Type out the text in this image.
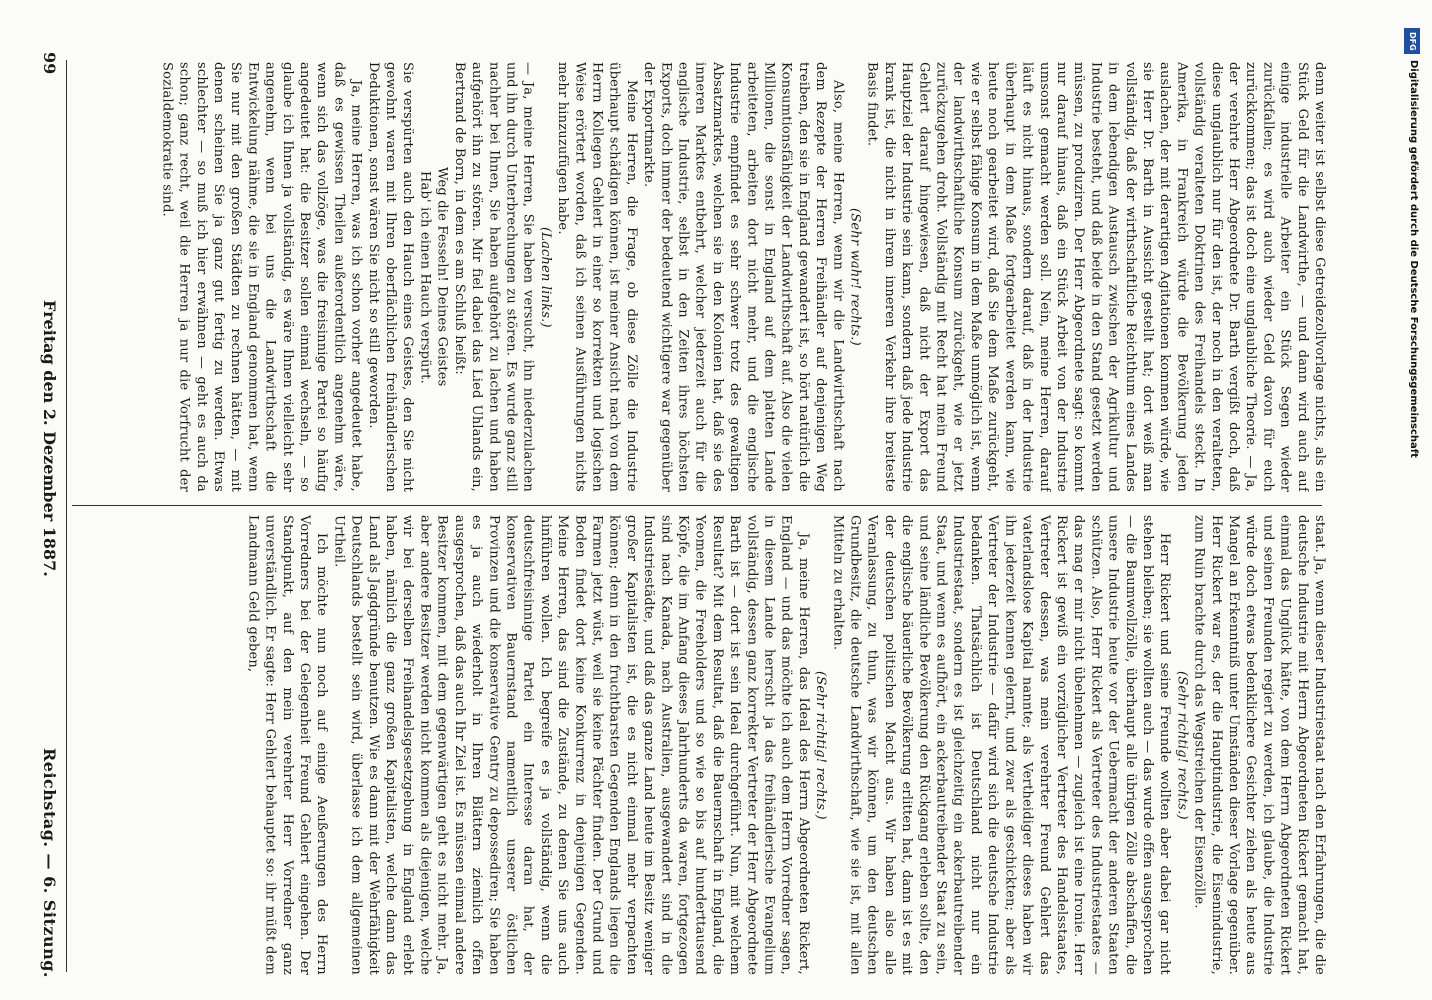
Reichstag. — 6. Sitzung.
Freitag den 2. Dezember 1887.
99	denn weiter ist selbst diese Getreidezollvorlage nichts, als ein Stück Geld für die Landwirthe, — und dann wird auch auf einige industrielle Arbeiter ein Stück Segen wieder zurückfallen; es wird auch wieder Geld davon für euch zurückkommen; das ist doch eine unglaubliche Theorie. — Ja, der verehrte Herr Abgeordnete Dr. Barth vergißt doch, daß diese unglaublich nur für den ist, der noch in den veralteten, vollständig veralteten Doktrinen des Freihandels steckt. In Amerika, in Frankreich würde die Bevölkerung jeden auslachen, der mit derartigen Agitationen kommen würde, wie sie Herr Dr. Barth in Aussicht gestellt hat; dort weiß man vollständig, daß der wirthschaftliche Reichthum eines Landes in dem lebendigen Austausch zwischen der Agrikultur und Industrie besteht, und daß beide in den Stand gesetzt werden müssen, zu produziren. Der Herr Abgeordnete sagt: so kommt nur darauf hinaus, daß ein Stück Arbeit von der Industrie umsonst gemacht werden soll. Nein, meine Herren, darauf läuft es nicht hinaus, sondern darauf, daß in der Industrie überhaupt in dem Maße fortgearbeitet werden kann, wie heute noch gearbeitet wird, daß Sie dem Maße zurückgeht, wie er selbst fähige Konsum in dem Maße unmöglich ist, wenn der landwirthschaftliche Konsum zurückgeht, wie er jetzt zurückzugehen droht. Vollständig mit Recht hat mein Freund Gehlert darauf hingewiesen, daß nicht der Export das Hauptziel der Industrie sein kann, sondern daß jede Industrie krank ist, die nicht in ihrem inneren Verkehr ihre breiteste Basis findet.
(Sehr wahr! rechts.)
Also, meine Herren, wenn wir die Landwirthschaft nach dem Rezepte der Herren Freihändler auf denjenigen Weg treiben, den sie in England gewandert ist, so hört natürlich die Konsumtionsfähigkeit der Landwirthschaft auf. Also die vielen Millionen, die sonst in England auf dem platten Lande arbeiteten, arbeiten dort nicht mehr, und die englische Industrie empfindet es sehr schwer trotz des gewaltigen Absatzmarktes, welchen sie in den Kolonien hat, daß sie des inneren Marktes entbehrt, welcher jederzeit auch für die englische Industrie, selbst in den Zeiten ihres höchsten Exports, doch immer der bedeutend wichtigere war gegenüber der Exportmarkte.
Meine Herren, die Frage, ob diese Zölle die Industrie überhaupt schädigen können, ist meiner Ansicht nach von dem Herrn Kollegen Gehlert in einer so korrekten und logischen Weise erörtert worden, daß ich seinen Ausführungen nichts mehr hinzuzufügen habe.
(Lachen links.)
— Ja, meine Herren, Sie haben versucht, ihn niederzulachen und ihn durch Unterbrechungen zu stören. Es wurde ganz still nachher bei Ihnen, Sie haben aufgehört zu lachen und haben aufgehört ihn zu stören. Mir fiel dabei das Lied Uhlands ein, Bertrand de Born, in dem es am Schluß heißt:
Weg die Fesseln! Deines Geistes
Hab' ich einen Hauch verspürt.
Sie verspürten auch den Hauch eines Geistes, den Sie nicht gewohnt waren mit Ihren oberflächlichen freihändlerischen Deduktionen, sonst wären Sie nicht so still geworden.
Ja, meine Herren, was ich schon vorher angedeutet habe, daß es gewissen Theilen außerordentlich angenehm wäre, wenn sich das vollzöge, was die freisinnige Partei so häufig angedeutet hat: die Besitzer sollen einmal wechseln, — so glaube ich Ihnen ja vollständig, es wäre Ihnen vielleicht sehr angenehm, wenn bei uns die Landwirthschaft die Entwickelung nähme, die sie in England genommen hat, wenn Sie nur mit den großen Städten zu rechnen hätten, — mit denen scheinen Sie ja ganz gut fertig zu werden. Etwas schlechter — so muß ich hier erwähnen — geht es auch da schon; ganz recht, weil die Herren ja nur die Vorfrucht der Sozialdemokratie sind.
staat. Ja, wenn dieser Industriestaat nach den Erfahrungen, die die deutsche Industrie mit Herrn Abgeordneten Rickert gemacht hat, einmal das Unglück hätte, von dem Herrn Abgeordneten Rickert und seinen Freunden regiert zu werden, ich glaube, die Industrie würde doch etwas bedenklichere Gesichter ziehen als heute aus Mangel an Erkenntniß unter Umständen dieser Vorlage gegenüber. Herr Rickert war es, der die Hauptindustrie, die Eisenindustrie, zum Ruin brachte durch das Wegstreichen der Eisenzölle.
(Sehr richtig! rechts.)
Herr Rickert und seine Freunde wollten aber dabei gar nicht stehen bleiben; sie wollten auch — das wurde offen ausgesprochen — die Baumwollzölle, überhaupt alle übrigen Zölle abschaffen, die unsere Industrie heute vor der Uebermacht der anderen Staaten schützen. Also, Herr Rickert als Vertreter des Industriestaates — das mag er mir nicht übelnehmen — zugleich ist eine Ironie. Herr Rickert ist gewiß ein vorzüglicher Vertreter des Handelsstaates, Vertreter dessen, was mein verehrter Freund Gehlert das vaterlandslose Kapital nannte; als Vertheidiger dieses haben wir ihn jederzeit kennen gelernt, und zwar als geschickten; aber als Vertreter der Industrie — dafür wird sich die deutsche Industrie bedanken. Thatsächlich ist Deutschland nicht nur ein Industriestaat, sondern es ist gleichzeitig ein ackerbautreibender Staat, und wenn es aufhört, ein ackerbautreibender Staat zu sein, und seine ländliche Bevölkerung den Rückgang erleben sollte, den die englische bäuerliche Bevölkerung erlitten hat, dann ist es mit der deutschen politischen Macht aus. Wir haben also alle Veranlassung, zu thun, was wir können, um den deutschen Grundbesitz, die deutsche Landwirthschaft, wie sie ist, mit allen Mitteln zu erhalten.
(Sehr richtig! rechts.)
Ja, meine Herren, das Ideal des Herrn Abgeordneten Rickert, England — und das möchte ich auch dem Herrn Vorredner sagen, in diesem Lande herrscht ja das freihändlerische Evangelium vollständig, dessen ganz korrekter Vertreter der Herr Abgeordnete Barth ist — dort ist sein Ideal durchgeführt. Nun, mit welchem Resultat? Mit dem Resultat, daß die Bauernschaft in England, die Yeomen, die Freeholders und so wie so bis auf hunderttausend Köpfe, die im Anfang dieses Jahrhunderts da waren, fortgezogen sind nach Kanada, nach Australien, ausgewandert sind in die Industriestädte, und daß das ganze Land heute im Besitz weniger großer Kapitalisten ist, die es nicht einmal mehr verpachten können; denn in den fruchtbarsten Gegenden Englands liegen die Farmen jetzt wüst, weil sie keine Pächter finden. Der Grund und Boden findet dort keine Konkurrenz in denjenigen Gegenden. Meine Herren, das sind die Zustände, zu denen Sie uns auch hinführen wollen. Ich begreife es ja vollständig, wenn die deutschfreisinnige Partei ein Interesse daran hat, der konservativen Bauernstand namentlich unserer östlichen Provinzen und die konservative Gentry zu depossediren; Sie haben es ja auch wiederholt in Ihren Blättern ziemlich offen ausgesprochen, daß das auch Ihr Ziel ist. Es müssen einmal andere Besitzer kommen, mit dem gegenwärtigen geht es nicht mehr. Ja, aber andere Besitzer werden nicht kommen als diejenigen, welche wir bei derselben Freihandelsgesetzgebung in England erlebt haben, nämlich die ganz großen Kapitalisten, welche dann das Land als Jagdgründe benutzen. Wie es dann mit der Wehrfähigkeit Deutschlands bestellt sein wird, überlasse ich dem allgemeinen Urtheil.
Ich möchte nun noch auf einige Aeußerungen des Herrn Vorredners bei der Gelegenheit Freund Gehlert eingehen. Der Standpunkt, auf den mein verehrter Herr Vorredner ganz unverständlich. Er sagte: Herr Gehlert behauptet so: ihr müßt dem Landmann Geld geben,
DFG
Digitalisierung gefördert durch die Deutsche Forschungsgemeinschaft
